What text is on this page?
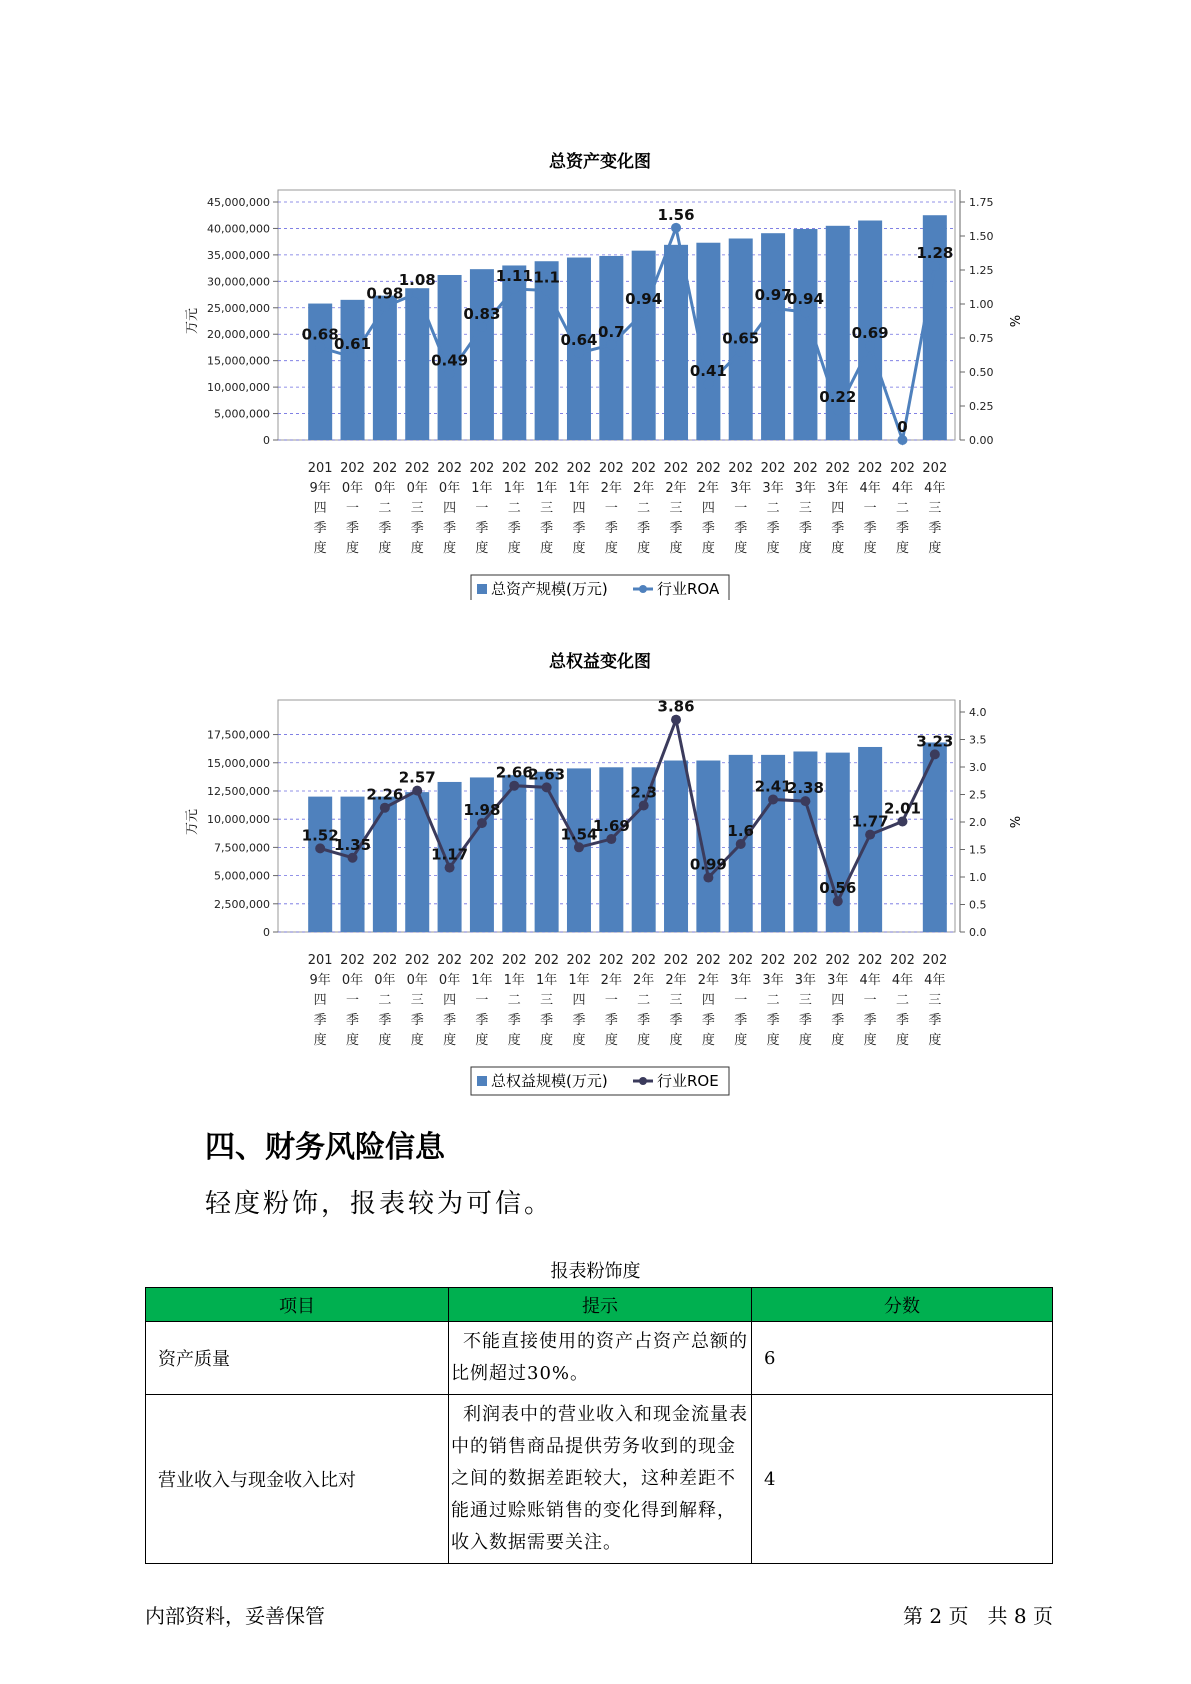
总资产变化图
0
5,000,000
10,000,000
15,000,000
20,000,000
25,000,000
30,000,000
35,000,000
40,000,000
45,000,000
0.00
0.25
0.50
0.75
1.00
1.25
1.50
1.75
万元	%
0.68
0.61
0.98
1.08
0.49
0.83
1.11 1.1
0.64 0.7
0.94
1.56
0.41
0.65
0.97
0.94
0.22
0.69
0
1.28
201 9年四季度
202 0年一季度
202 0年二季度
202 0年三季度
202 0年四季度
202 1年一季度
202 1年二季度
202 1年三季度
202 1年四季度
202 2年一季度
202 2年二季度
202 2年三季度
202 2年四季度
202 3年一季度
202 3年二季度
202 3年三季度
202 3年四季度
202 4年一季度
202 4年二季度
202 4年三季度
总资产规模(万元)	行业ROA
总权益变化图
0
2,500,000
5,000,000
7,500,000
10,000,000
12,500,000
15,000,000
17,500,000
0.0
0.5
1.0
1.5
2.0
2.5
3.0
3.5
4.0
万元	%
1.52
1.35
2.26
2.57
1.17
1.98
2.66
2.63
1.54
1.69
2.3
3.86
0.99
1.6
2.41
2.38
0.56
1.77
2.01
3.23
201 9年四季度
202 0年一季度
202 0年二季度
202 0年三季度
202 0年四季度
202 1年一季度
202 1年二季度
202 1年三季度
202 1年四季度
202 2年一季度
202 2年二季度
202 2年三季度
202 2年四季度
202 3年一季度
202 3年二季度
202 3年三季度
202 3年四季度
202 4年一季度
202 4年二季度
202 4年三季度
总权益规模(万元)	行业ROE
四、财务风险信息
轻度粉饰，报表较为可信。
报表粉饰度
项目	提示	分数
资产质量	不能直接使用的资产占资产总额的比例超过30%。	6
营业收入与现金收入比对	利润表中的营业收入和现金流量表中的销售商品提供劳务收到的现金之间的数据差距较大，这种差距不能通过赊账销售的变化得到解释，收入数据需要关注。	4
内部资料，妥善保管	第 2 页   共 8 页
